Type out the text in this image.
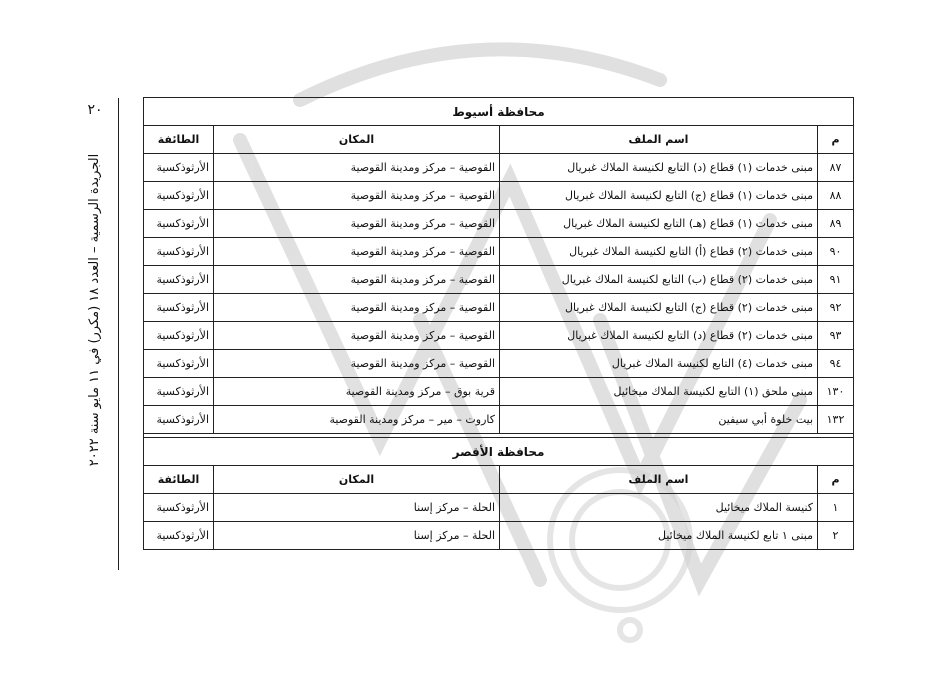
٢٠
الجريدة الرسمية – العدد ١٨ (مكرر) في ١١ مايو سنة ٢٠٢٢
محافظة أسيوط			
م	اسم الملف	المكان	الطائفة
٨٧	مبنى خدمات (١) قطاع (د) التابع لكنيسة الملاك غبريال	القوصية – مركز ومدينة القوصية	الأرثوذكسية
٨٨	مبنى خدمات (١) قطاع (ج) التابع لكنيسة الملاك غبريال	القوصية – مركز ومدينة القوصية	الأرثوذكسية
٨٩	مبنى خدمات (١) قطاع (هـ) التابع لكنيسة الملاك غبريال	القوصية – مركز ومدينة القوصية	الأرثوذكسية
٩٠	مبنى خدمات (٢) قطاع (أ) التابع لكنيسة الملاك غبريال	القوصية – مركز ومدينة القوصية	الأرثوذكسية
٩١	مبنى خدمات (٢) قطاع (ب) التابع لكنيسة الملاك غبريال	القوصية – مركز ومدينة القوصية	الأرثوذكسية
٩٢	مبنى خدمات (٢) قطاع (ج) التابع لكنيسة الملاك غبريال	القوصية – مركز ومدينة القوصية	الأرثوذكسية
٩٣	مبنى خدمات (٢) قطاع (د) التابع لكنيسة الملاك غبريال	القوصية – مركز ومدينة القوصية	الأرثوذكسية
٩٤	مبنى خدمات (٤) التابع لكنيسة الملاك غبريال	القوصية – مركز ومدينة القوصية	الأرثوذكسية
١٣٠	مبنى ملحق (١) التابع لكنيسة الملاك ميخائيل	قرية بوق – مركز ومدينة القوصية	الأرثوذكسية
١٣٢	بيت خلوة أبي سيفين	كاروت – مير – مركز ومدينة القوصية	الأرثوذكسية

محافظة الأقصر			
م	اسم الملف	المكان	الطائفة
١	كنيسة الملاك ميخائيل	الحلة – مركز إسنا	الأرثوذكسية
٢	مبنى ١ تابع لكنيسة الملاك ميخائيل	الحلة – مركز إسنا	الأرثوذكسية
